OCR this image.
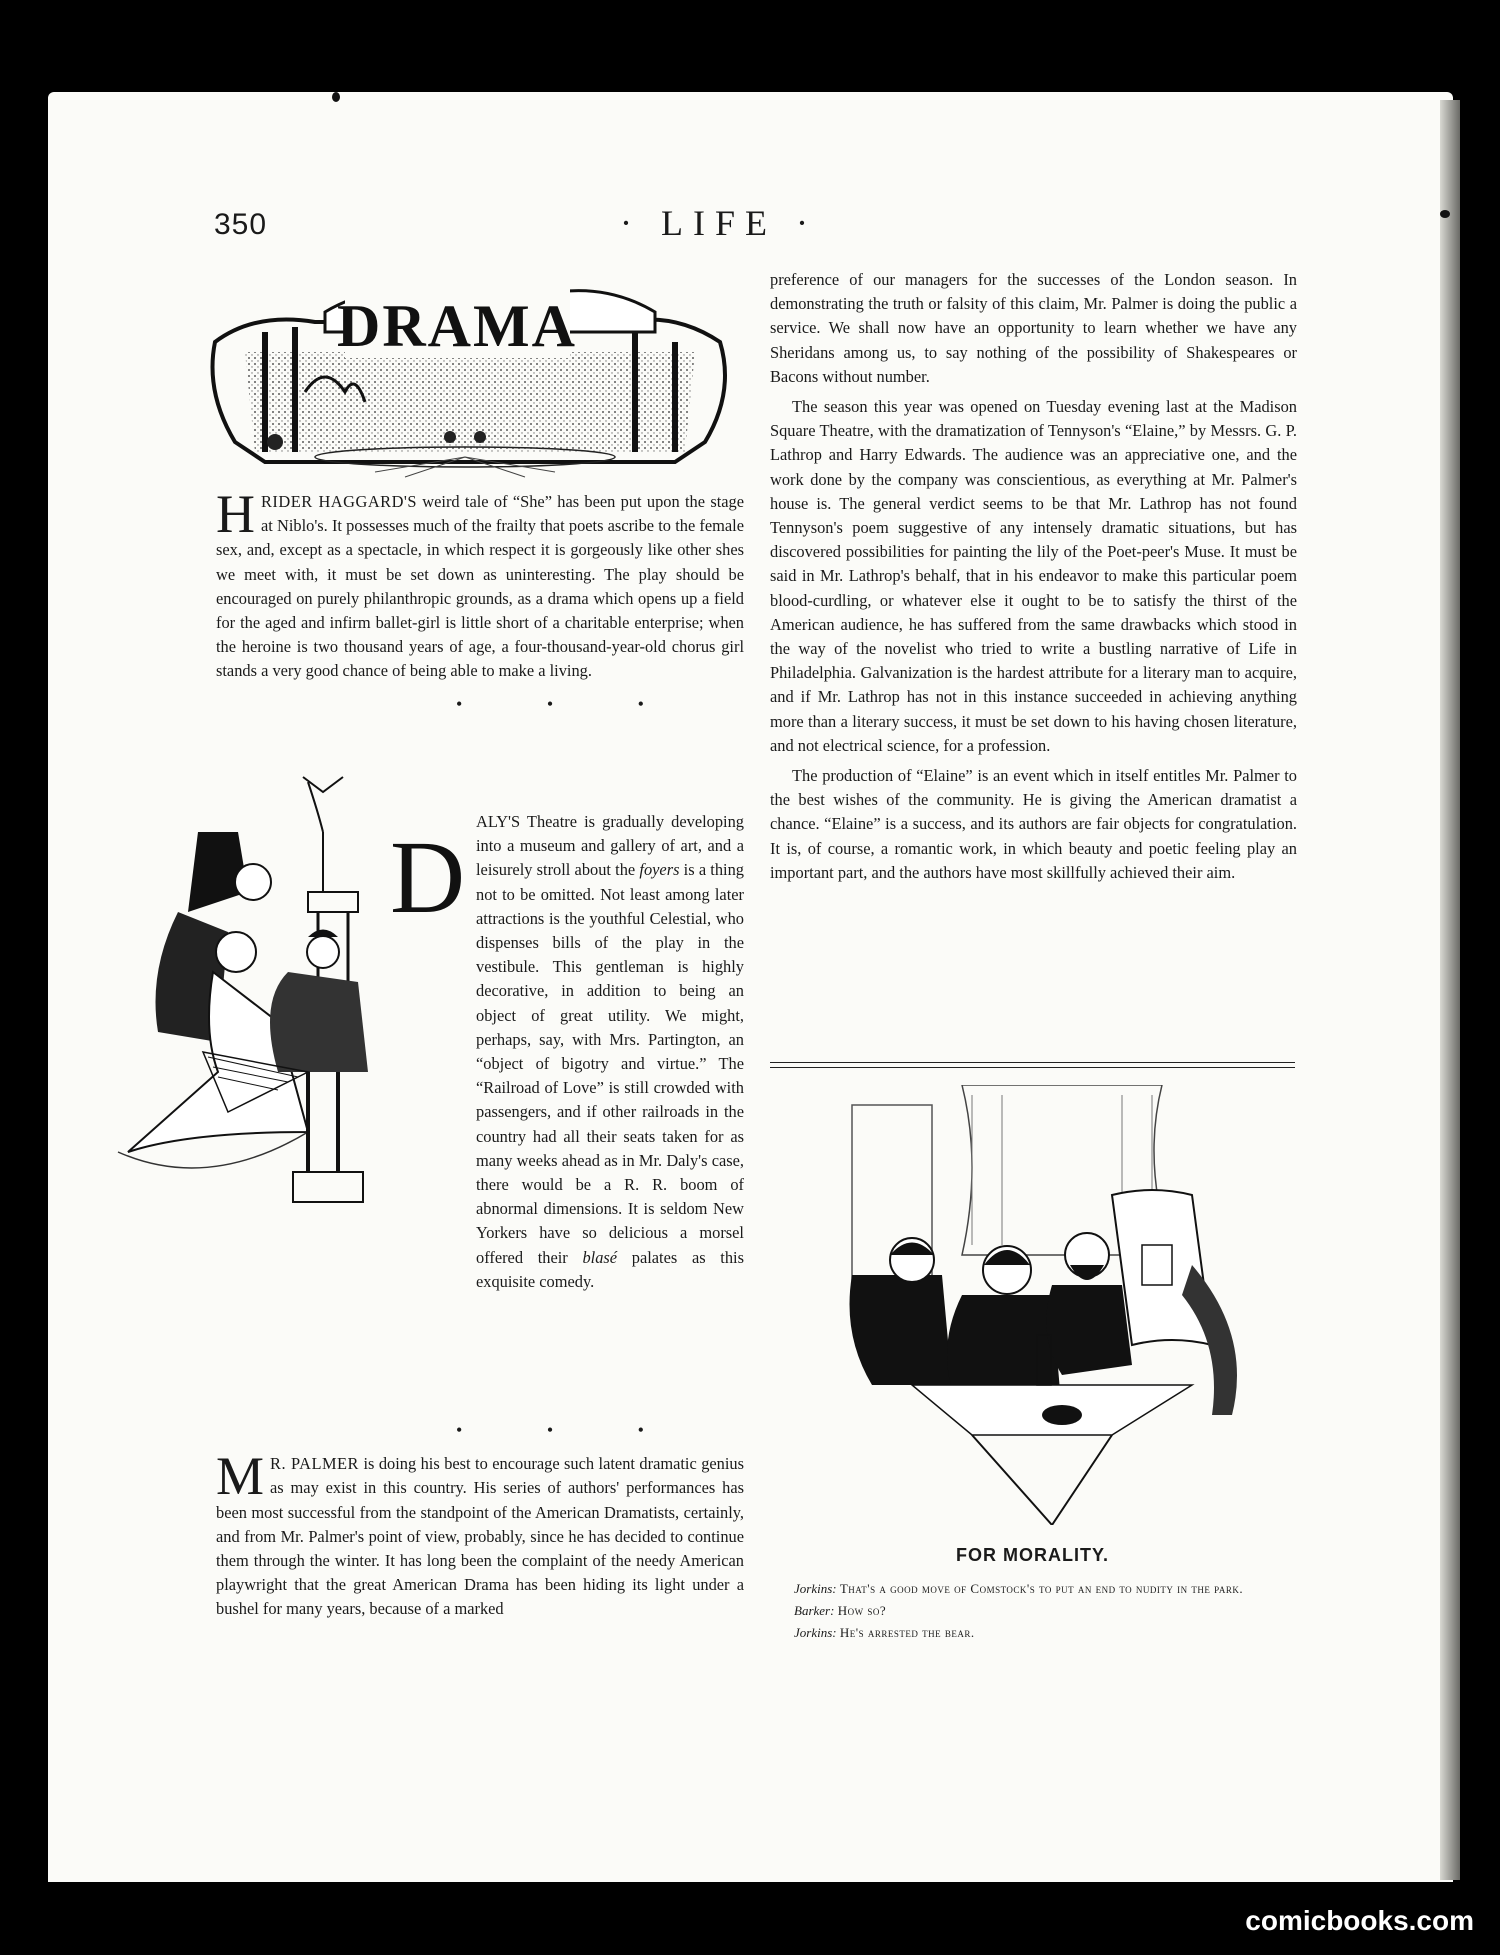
350	· LIFE ·
DRAMA

HRIDER HAGGARD'S weird tale of “She” has been put upon the stage at Niblo's. It possesses much of the frailty that poets ascribe to the female sex, and, except as a spectacle, in which respect it is gorgeously like other shes we meet with, it must be set down as uninteresting. The play should be encouraged on purely philanthropic grounds, as a drama which opens up a field for the aged and infirm ballet-girl is little short of a charitable enterprise; when the heroine is two thousand years of age, a four-thousand-year-old chorus girl stands a very good chance of being able to make a living.

• • •
D ALY'S Theatre is gradually developing into a museum and gallery of art, and a leisurely stroll about the foyers is a thing not to be omitted. Not least among later attractions is the youthful Celestial, who dispenses bills of the play in the vestibule. This gentleman is highly decorative, in addition to being an object of great utility. We might, perhaps, say, with Mrs. Partington, an “object of bigotry and virtue.” The “Railroad of Love” is still crowded with passengers, and if other railroads in the country had all their seats taken for as many weeks ahead as in Mr. Daly's case, there would be a R. R. boom of abnormal dimensions. It is seldom New Yorkers have so delicious a morsel offered their blasé palates as this exquisite comedy.

• • •

M R. PALMER is doing his best to encourage such latent dramatic genius as may exist in this country. His series of authors' performances has been most successful from the standpoint of the American Dramatists, certainly, and from Mr. Palmer's point of view, probably, since he has decided to continue them through the winter. It has long been the complaint of the needy American playwright that the great American Drama has been hiding its light under a bushel for many years, because of a marked

preference of our managers for the successes of the London season. In demonstrating the truth or falsity of this claim, Mr. Palmer is doing the public a service. We shall now have an opportunity to learn whether we have any Sheridans among us, to say nothing of the possibility of Shakespeares or Bacons without number.

The season this year was opened on Tuesday evening last at the Madison Square Theatre, with the dramatization of Tennyson's “Elaine,” by Messrs. G. P. Lathrop and Harry Edwards. The audience was an appreciative one, and the work done by the company was conscientious, as everything at Mr. Palmer's house is. The general verdict seems to be that Mr. Lathrop has not found Tennyson's poem suggestive of any intensely dramatic situations, but has discovered possibilities for painting the lily of the Poet-peer's Muse. It must be said in Mr. Lathrop's behalf, that in his endeavor to make this particular poem blood-curdling, or whatever else it ought to be to satisfy the thirst of the American audience, he has suffered from the same drawbacks which stood in the way of the novelist who tried to write a bustling narrative of Life in Philadelphia. Galvanization is the hardest attribute for a literary man to acquire, and if Mr. Lathrop has not in this instance succeeded in achieving anything more than a literary success, it must be set down to his having chosen literature, and not electrical science, for a profession.

The production of “Elaine” is an event which in itself entitles Mr. Palmer to the best wishes of the community. He is giving the American dramatist a chance. “Elaine” is a success, and its authors are fair objects for congratulation. It is, of course, a romantic work, in which beauty and poetic feeling play an important part, and the authors have most skillfully achieved their aim.

FOR MORALITY.
Jorkins: That's a good move of Comstock's to put an end to nudity in the park.
Barker: How so?
Jorkins: He's arrested the bear.
comicbooks.com
